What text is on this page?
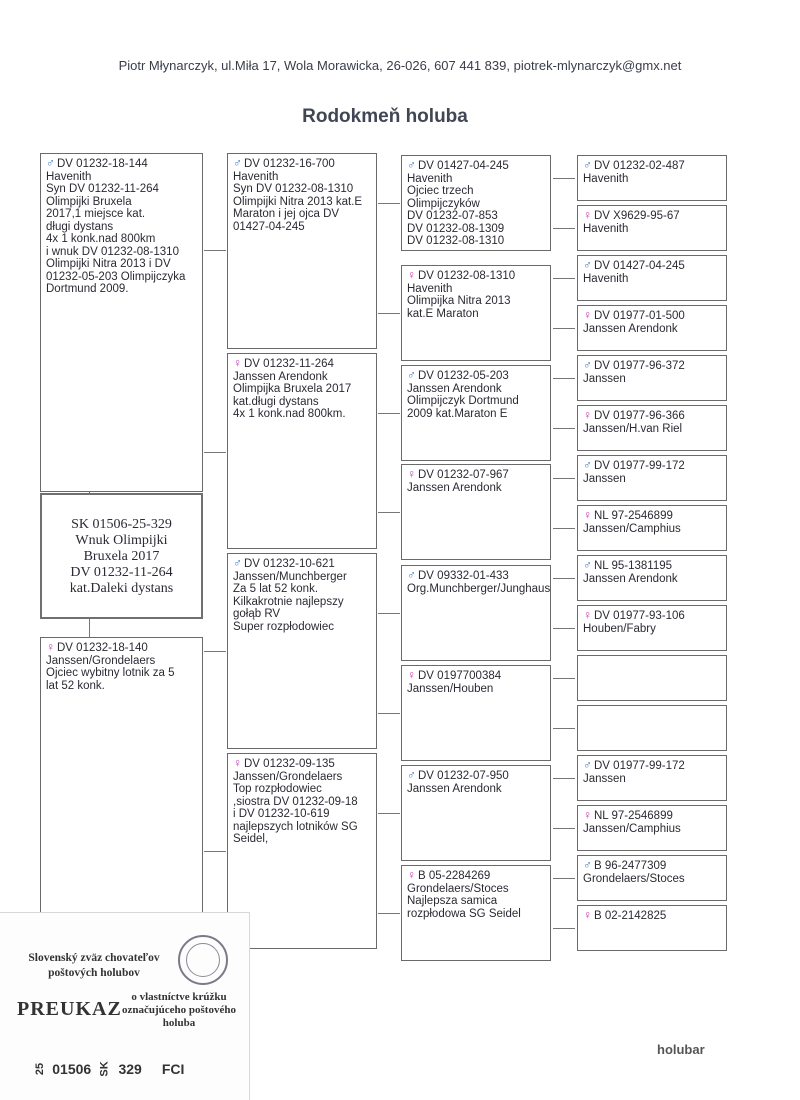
Piotr Młynarczyk, ul.Miła 17, Wola Morawicka, 26-026, 607 441 839, piotrek-mlynarczyk@gmx.net
Rodokmeň holuba
♂ DV 01232-18-144
Havenith
Syn DV 01232-11-264
Olimpijki Bruxela
2017,1 miejsce kat.
długi dystans
4x 1 konk.nad 800km
i wnuk DV 01232-08-1310
Olimpijki Nitra 2013 i DV
01232-05-203 Olimpijczyka
Dortmund 2009.
♀ DV 01232-18-140
Janssen/Grondelaers
Ojciec wybitny lotnik za 5
lat 52 konk.
♂ DV 01232-16-700
Havenith
Syn DV 01232-08-1310
Olimpijki Nitra 2013 kat.E
Maraton i jej ojca DV
01427-04-245
♀ DV 01232-11-264
Janssen Arendonk
Olimpijka Bruxela 2017
kat.długi dystans
4x 1 konk.nad 800km.
♂ DV 01232-10-621
Janssen/Munchberger
Za 5 lat 52 konk.
Kilkakrotnie najlepszy
gołąb RV
Super rozpłodowiec
♀ DV 01232-09-135
Janssen/Grondelaers
Top rozpłodowiec
,siostra DV 01232-09-18
i DV 01232-10-619
najlepszych lotników SG
Seidel,
♂ DV 01427-04-245
Havenith
Ojciec trzech
Olimpijczyków
DV 01232-07-853
DV 01232-08-1309
DV 01232-08-1310
♀ DV 01232-08-1310
Havenith
Olimpijka Nitra 2013
kat.E Maraton
♂ DV 01232-05-203
Janssen Arendonk
Olimpijczyk Dortmund
2009 kat.Maraton E
♀ DV 01232-07-967
Janssen Arendonk
♂ DV 09332-01-433
Org.Munchberger/Junghaus
♀ DV 0197700384
Janssen/Houben
♂ DV 01232-07-950
Janssen Arendonk
♀ B 05-2284269
Grondelaers/Stoces
Najlepsza samica
rozpłodowa SG Seidel
♂ DV 01232-02-487
Havenith
♀ DV X9629-95-67
Havenith
♂ DV 01427-04-245
Havenith
♀ DV 01977-01-500
Janssen Arendonk
♂ DV 01977-96-372
Janssen
♀ DV 01977-96-366
Janssen/H.van Riel
♂ DV 01977-99-172
Janssen
♀ NL 97-2546899
Janssen/Camphius
♂ NL 95-1381195
Janssen Arendonk
♀ DV 01977-93-106
Houben/Fabry
♂ DV 01977-99-172
Janssen
♀ NL 97-2546899
Janssen/Camphius
♂ B 96-2477309
Grondelaers/Stoces
♀ B 02-2142825
SK 01506-25-329
Wnuk Olimpijki
Bruxela 2017
DV 01232-11-264
kat.Daleki dystans
Slovenský zväz chovateľov poštových holubov
PREUKAZ
o vlastníctve krúžku označujúceho poštového holuba
25 01506 SK 329 FCI
holubar
